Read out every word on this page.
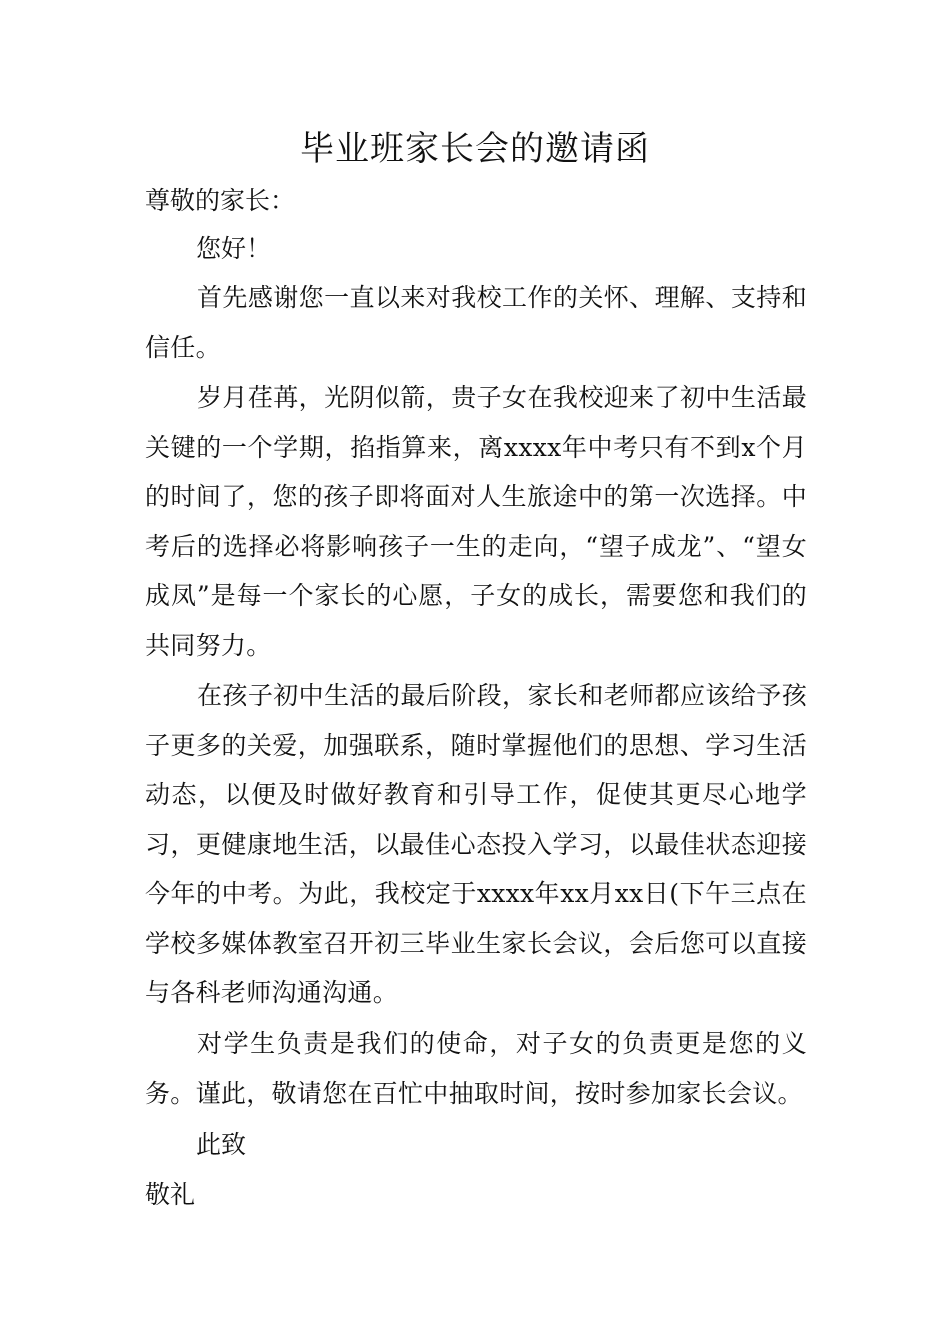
毕业班家长会的邀请函

尊敬的家长：

您好！

首先感谢您一直以来对我校工作的关怀、理解、支持和信任。

岁月荏苒，光阴似箭，贵子女在我校迎来了初中生活最关键的一个学期，掐指算来，离xxxx年中考只有不到x个月的时间了，您的孩子即将面对人生旅途中的第一次选择。中考后的选择必将影响孩子一生的走向，“望子成龙”、“望女成凤”是每一个家长的心愿，子女的成长，需要您和我们的共同努力。

在孩子初中生活的最后阶段，家长和老师都应该给予孩子更多的关爱，加强联系，随时掌握他们的思想、学习生活动态，以便及时做好教育和引导工作，促使其更尽心地学习，更健康地生活，以最佳心态投入学习，以最佳状态迎接今年的中考。为此，我校定于xxxx年xx月xx日(下午三点在学校多媒体教室召开初三毕业生家长会议，会后您可以直接与各科老师沟通沟通。

对学生负责是我们的使命，对子女的负责更是您的义务。谨此，敬请您在百忙中抽取时间，按时参加家长会议。

此致

敬礼
